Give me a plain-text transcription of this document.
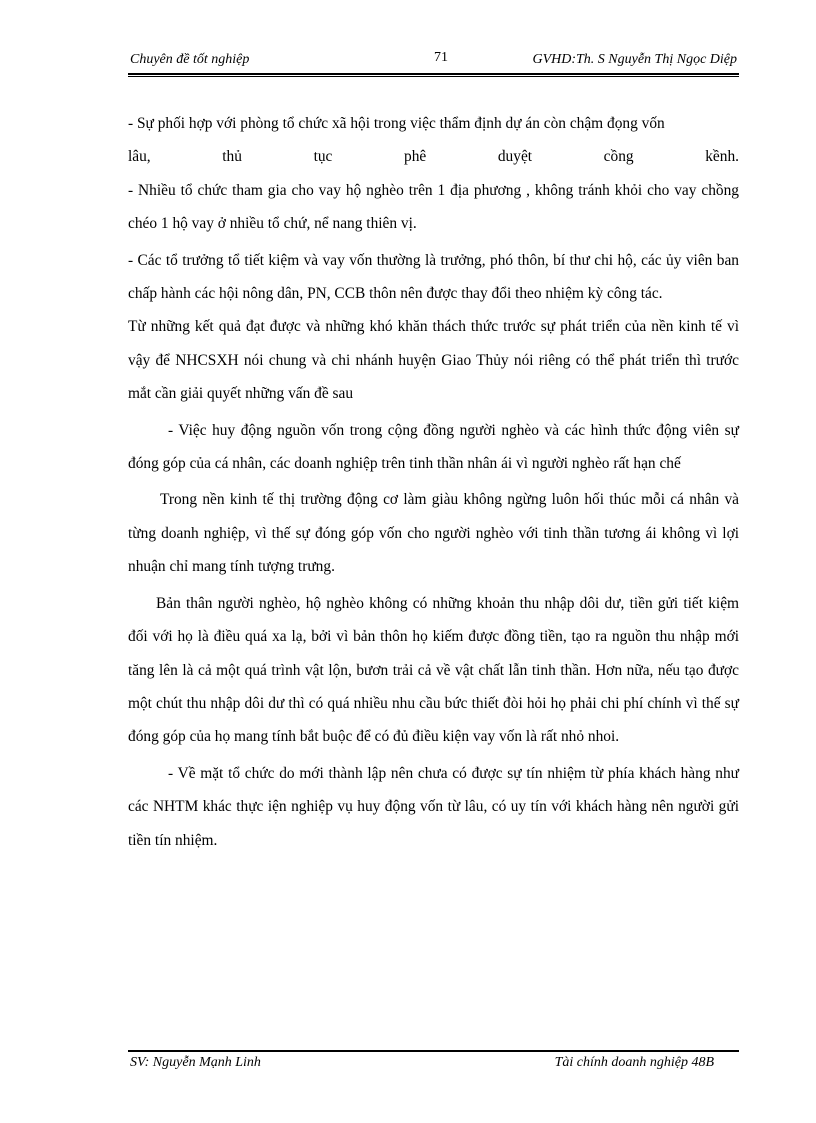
Chuyên đề tốt nghiệp	71	GVHD:Th. S Nguyễn Thị Ngọc Diệp

- Sự phối hợp với phòng tổ chức xã hội trong việc thẩm định dự án còn chậm đọng vốn

lâu, thủ tục phê duyệt cồng kềnh.

- Nhiều tổ chức tham gia cho vay hộ nghèo trên 1 địa phương , không tránh khỏi cho vay chồng chéo 1 hộ vay ở nhiều tổ chứ, nể nang thiên vị.

- Các tổ trưởng tổ tiết kiệm và vay vốn thường là trưởng, phó thôn, bí thư chi hộ, các ủy viên ban chấp hành các hội nông dân, PN, CCB thôn nên được thay đổi theo nhiệm kỳ công tác.

Từ những kết quả đạt được và những khó khăn thách thức trước sự phát triển của nền kinh tế vì vậy để NHCSXH nói chung và chi nhánh huyện Giao Thủy nói riêng có thể phát triển thì trước mắt cần giải quyết những vấn đề sau

- Việc huy động nguồn vốn trong cộng đồng người nghèo và các hình thức động viên sự đóng góp của cá nhân, các doanh nghiệp trên tinh thần nhân ái vì người nghèo rất hạn chế

Trong nền kinh tế thị trường động cơ làm giàu không ngừng luôn hối thúc mỗi cá nhân và từng doanh nghiệp, vì thế sự đóng góp vốn cho người nghèo với tinh thần tương ái không vì lợi nhuận chỉ mang tính tượng trưng.

Bản thân người nghèo, hộ nghèo không có những khoản thu nhập dôi dư, tiền gửi tiết kiệm đối với họ là điều quá xa lạ, bởi vì bản thôn họ kiếm được đồng tiền, tạo ra nguồn thu nhập mới tăng lên là cả một quá trình vật lộn, bươn trải cả về vật chất lẫn tinh thần. Hơn nữa, nếu tạo được một chút thu nhập dôi dư thì có quá nhiều nhu cầu bức thiết đòi hỏi họ phải chi phí chính vì thế sự đóng góp của họ mang tính bắt buộc để có đủ điều kiện vay vốn là rất nhỏ nhoi.

- Về mặt tổ chức do mới thành lập nên chưa có được sự tín nhiệm từ phía khách hàng như các NHTM khác thực iện nghiệp vụ huy động vốn từ lâu, có uy tín với khách hàng nên người gửi tiền tín nhiệm.

SV: Nguyễn Mạnh Linh	Tài chính doanh nghiệp 48B
